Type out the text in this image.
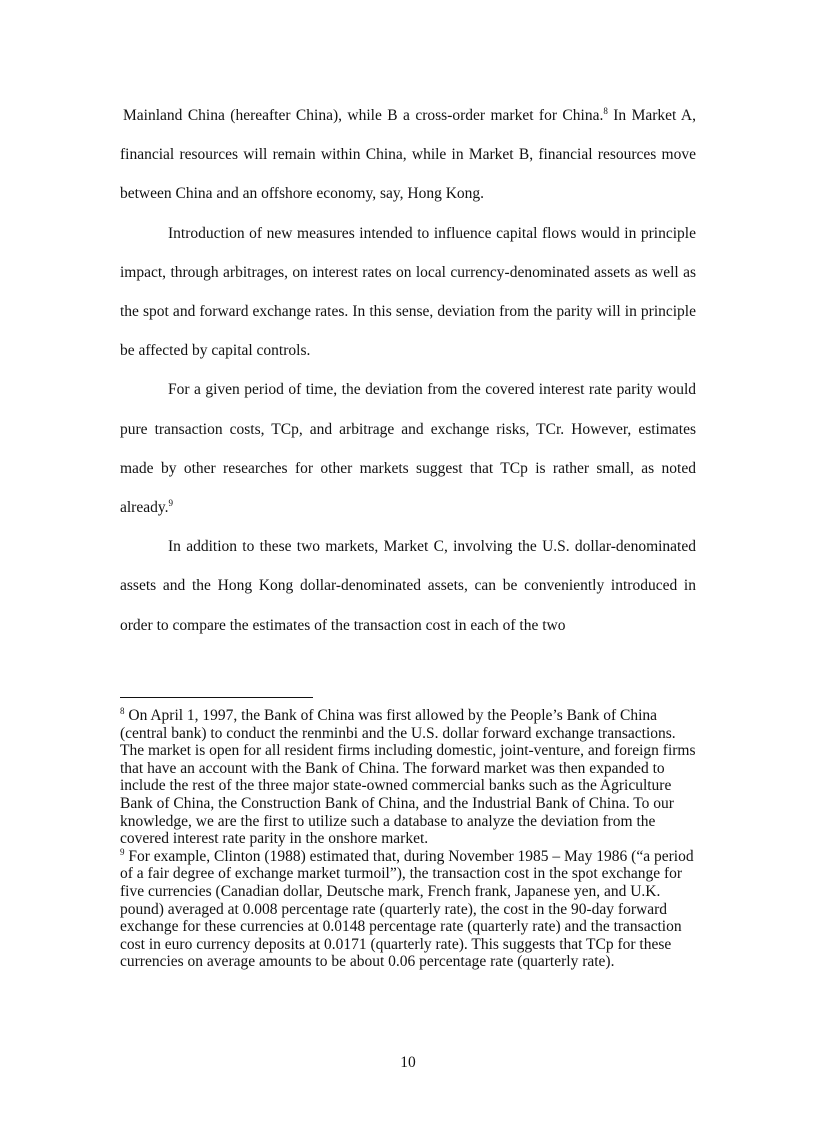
Mainland China (hereafter China), while B a cross-order market for China.$^8$ In Market A, financial resources will remain within China, while in Market B, financial resources move between China and an offshore economy, say, Hong Kong.

Introduction of new measures intended to influence capital flows would in principle impact, through arbitrages, on interest rates on local currency-denominated assets as well as the spot and forward exchange rates. In this sense, deviation from the parity will in principle be affected by capital controls.

For a given period of time, the deviation from the covered interest rate parity would pure transaction costs, TCp, and arbitrage and exchange risks, TCr. However, estimates made by other researches for other markets suggest that TCp is rather small, as noted already.$^9$

In addition to these two markets, Market C, involving the U.S. dollar-denominated assets and the Hong Kong dollar-denominated assets, can be conveniently introduced in order to compare the estimates of the transaction cost in each of the two

$^8$ On April 1, 1997, the Bank of China was first allowed by the People’s Bank of China (central bank) to conduct the renminbi and the U.S. dollar forward exchange transactions. The market is open for all resident firms including domestic, joint-venture, and foreign firms that have an account with the Bank of China. The forward market was then expanded to include the rest of the three major state-owned commercial banks such as the Agriculture Bank of China, the Construction Bank of China, and the Industrial Bank of China. To our knowledge, we are the first to utilize such a database to analyze the deviation from the covered interest rate parity in the onshore market.

$^9$ For example, Clinton (1988) estimated that, during November 1985 – May 1986 (“a period of a fair degree of exchange market turmoil”), the transaction cost in the spot exchange for five currencies (Canadian dollar, Deutsche mark, French frank, Japanese yen, and U.K. pound) averaged at 0.008 percentage rate (quarterly rate), the cost in the 90-day forward exchange for these currencies at 0.0148 percentage rate (quarterly rate) and the transaction cost in euro currency deposits at 0.0171 (quarterly rate). This suggests that TCp for these currencies on average amounts to be about 0.06 percentage rate (quarterly rate).

10
